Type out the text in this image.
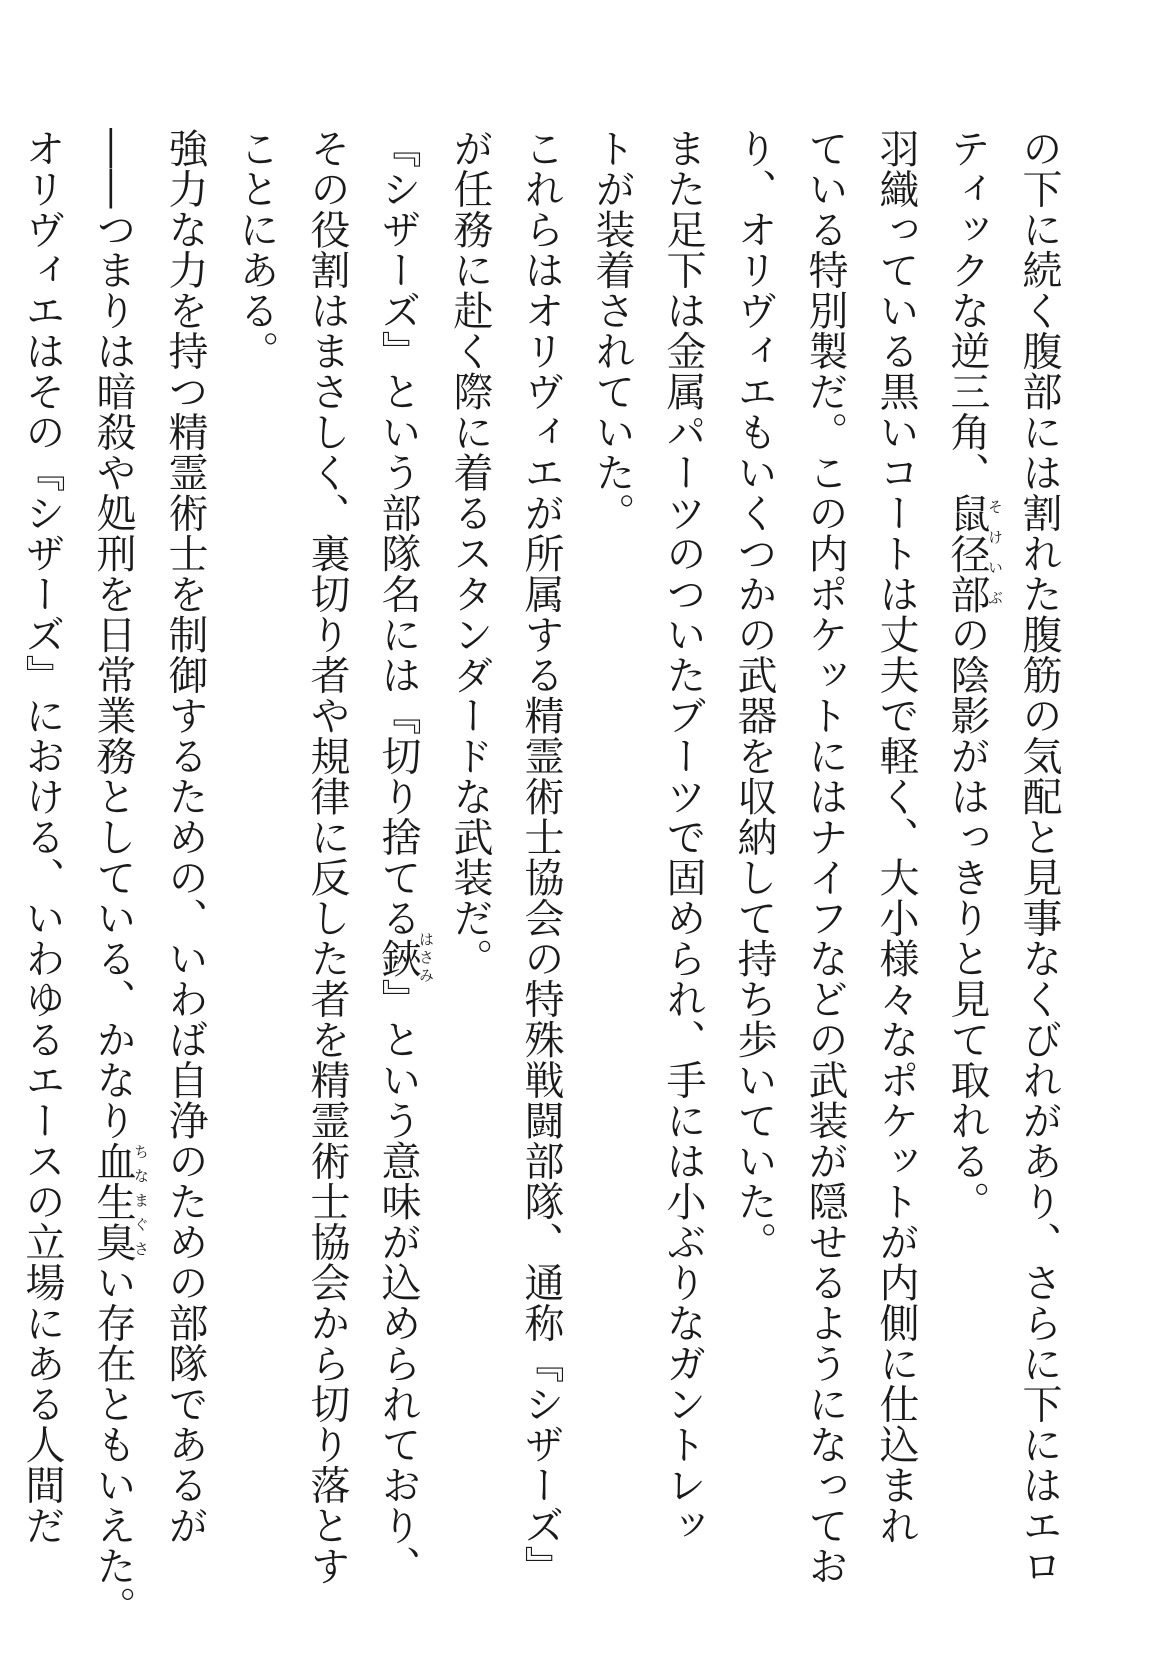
の下に続く腹部には割れた腹筋の気配と見事なくびれがあり、さらに下にはエロ
ティックな逆三角、鼠径部そけいぶの陰影がはっきりと見て取れる。
羽織っている黒いコートは丈夫で軽く、大小様々なポケットが内側に仕込まれ
ている特別製だ。この内ポケットにはナイフなどの武装が隠せるようになってお
り、オリヴィエもいくつかの武器を収納して持ち歩いていた。
また足下は金属パーツのついたブーツで固められ、手には小ぶりなガントレッ
トが装着されていた。
これらはオリヴィエが所属する精霊術士協会の特殊戦闘部隊、通称『シザーズ』
が任務に赴く際に着るスタンダードな武装だ。
『シザーズ』という部隊名には『切り捨てる鋏はさみ』という意味が込められており、
その役割はまさしく、裏切り者や規律に反した者を精霊術士協会から切り落とす
ことにある。
強力な力を持つ精霊術士を制御するための、いわば自浄のための部隊であるが
――つまりは暗殺や処刑を日常業務としている、かなり血生臭ちなまぐさい存在ともいえた。
オリヴィエはその『シザーズ』における、いわゆるエースの立場にある人間だ
